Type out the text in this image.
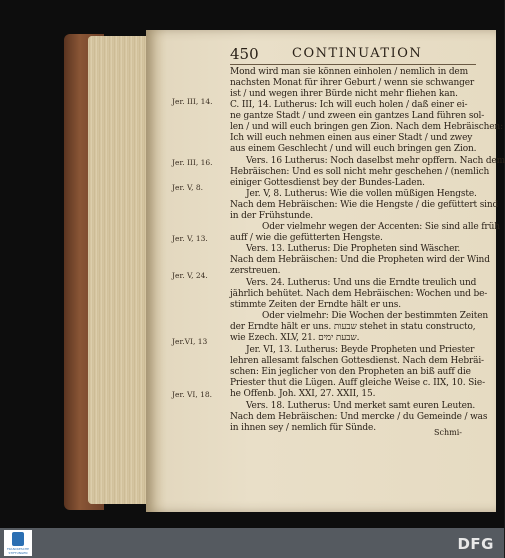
450	CONTINUATION
Jer. III, 14.
Jer. III, 16.
Jer. V, 8.
Jer. V, 13.
Jer. V, 24.
Jer.VI, 13
Jer. VI, 18.
Mond wird man sie können einholen / nemlich in dem
nachsten Monat für ihrer Geburt / wenn sie schwanger
ist / und wegen ihrer Bürde nicht mehr fliehen kan.
C. III, 14. Lutherus: Ich will euch holen / daß einer ei-
ne gantze Stadt / und zween ein gantzes Land führen sol-
len / und will euch bringen gen Zion. Nach dem Hebräischen:
Ich will euch nehmen einen aus einer Stadt / und zwey
aus einem Geschlecht / und will euch bringen gen Zion.
Vers. 16 Lutherus: Noch daselbst mehr opffern. Nach dem
Hebräischen: Und es soll nicht mehr geschehen / (nemlich
einiger Gottesdienst bey der Bundes-Laden.
Jer. V, 8. Lutherus: Wie die vollen müßigen Hengste.
Nach dem Hebräischen: Wie die Hengste / die gefüttert sind
in der Frühstunde.
Oder vielmehr wegen der Accenten: Sie sind alle früh
auff / wie die gefütterten Hengste.
Vers. 13. Lutherus: Die Propheten sind Wäscher.
Nach dem Hebräischen: Und die Propheten wird der Wind
zerstreuen.
Vers. 24. Lutherus: Und uns die Erndte treulich und
jährlich behütet. Nach dem Hebräischen: Wochen und be-
stimmte Zeiten der Erndte hält er uns.
Oder vielmehr: Die Wochen der bestimmten Zeiten
der Erndte hält er uns. שבעות stehet in statu constructo,
wie Ezech. XLV, 21. שבעת ימים.
Jer. VI, 13. Lutherus: Beyde Propheten und Priester
lehren allesamt falschen Gottesdienst. Nach dem Hebräi-
schen: Ein jeglicher von den Propheten an biß auff die
Priester thut die Lügen. Auff gleiche Weise c. IIX, 10. Sie-
he Offenb. Joh. XXI, 27. XXII, 15.
Vers. 18. Lutherus: Und merket samt euren Leuten.
Nach dem Hebräischen: Und mercke / du Gemeinde / was
in ihnen sey / nemlich für Sünde.	Schmi-
FRANCKESCHE STIFTUNGEN	DFG
